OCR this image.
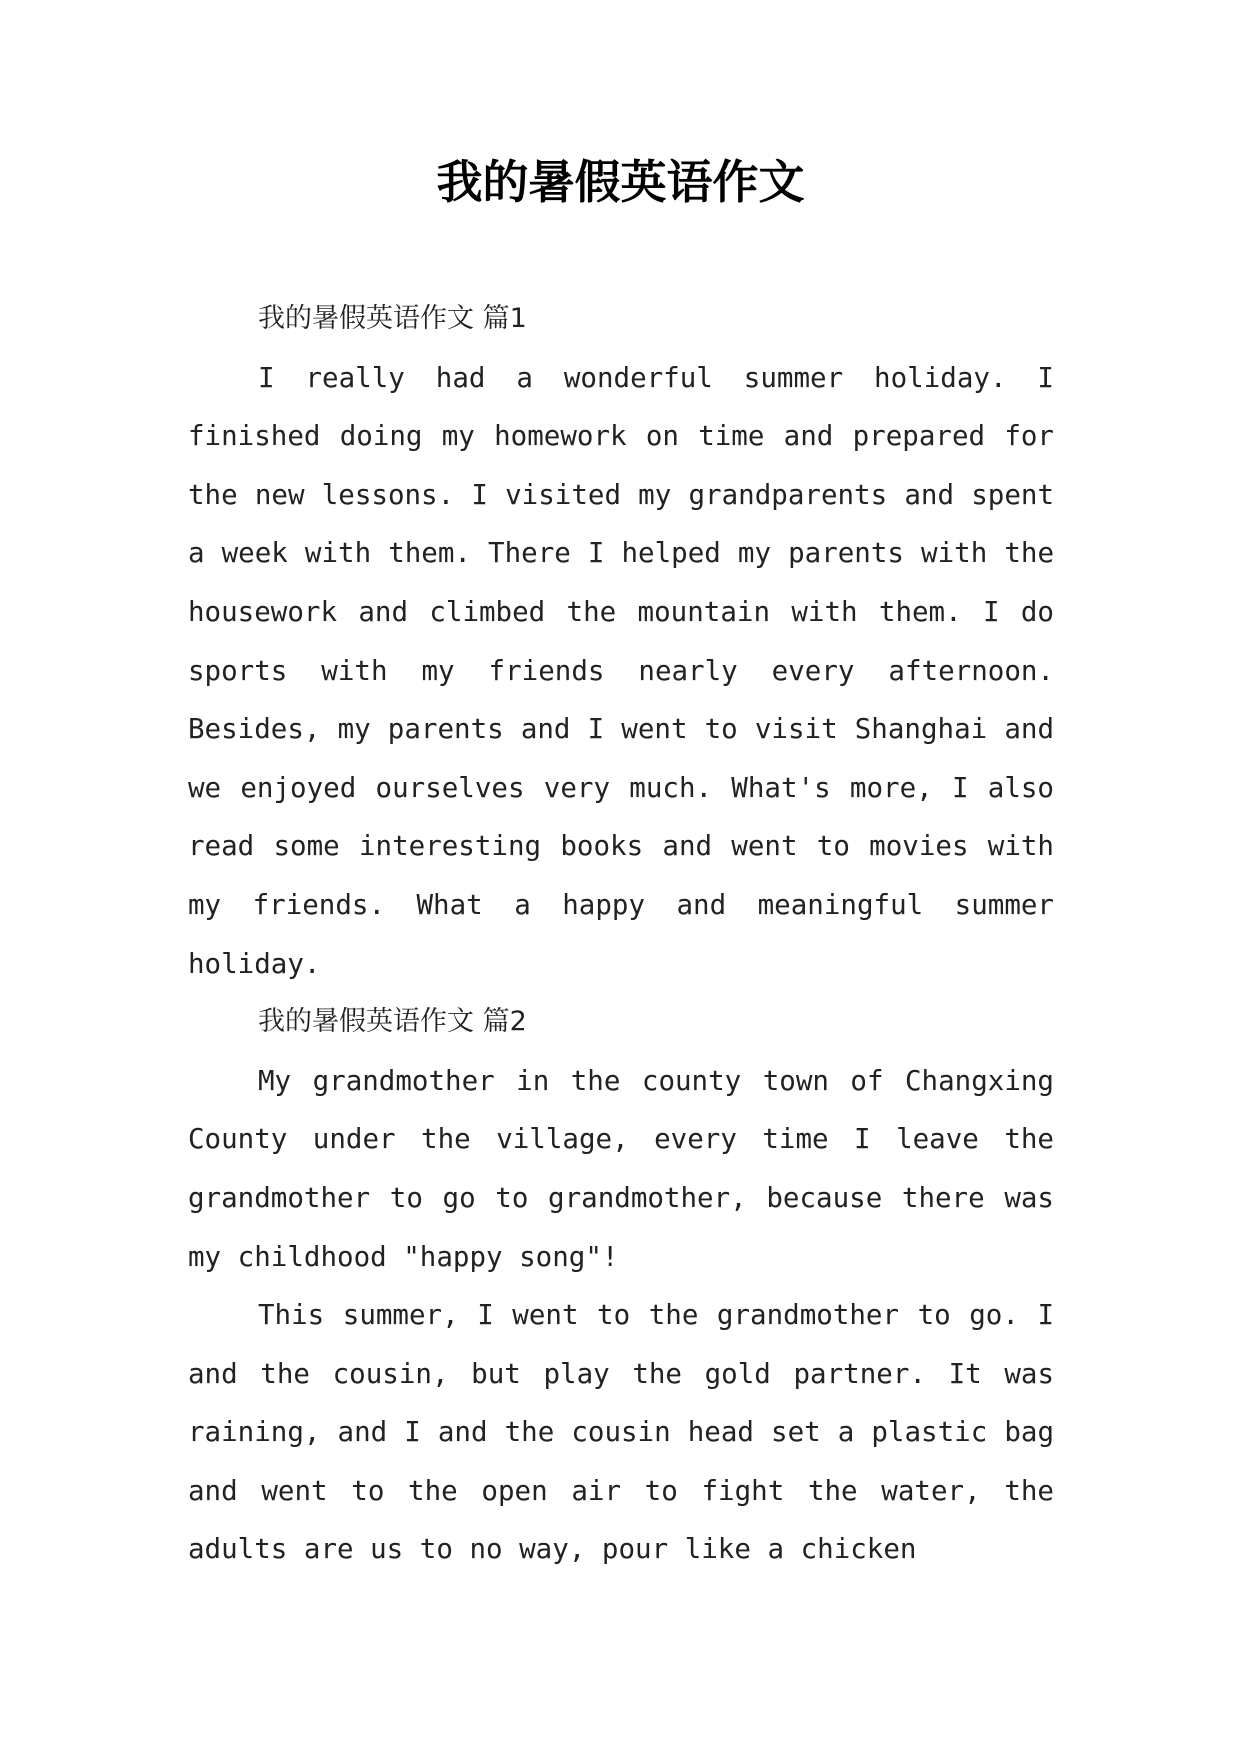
我的暑假英语作文

我的暑假英语作文 篇1

I really had a wonderful summer holiday. I finished doing my homework on time and prepared for the new lessons. I visited my grandparents and spent a week with them. There I helped my parents with the housework and climbed the mountain with them. I do sports with my friends nearly every afternoon. Besides, my parents and I went to visit Shanghai and we enjoyed ourselves very much. What's more, I also read some interesting books and went to movies with my friends. What a happy and meaningful summer holiday.

我的暑假英语作文 篇2

My grandmother in the county town of Changxing County under the village, every time I leave the grandmother to go to grandmother, because there was my childhood "happy song"!

This summer, I went to the grandmother to go. I and the cousin, but play the gold partner. It was raining, and I and the cousin head set a plastic bag and went to the open air to fight the water, the adults are us to no way, pour like a chicken
